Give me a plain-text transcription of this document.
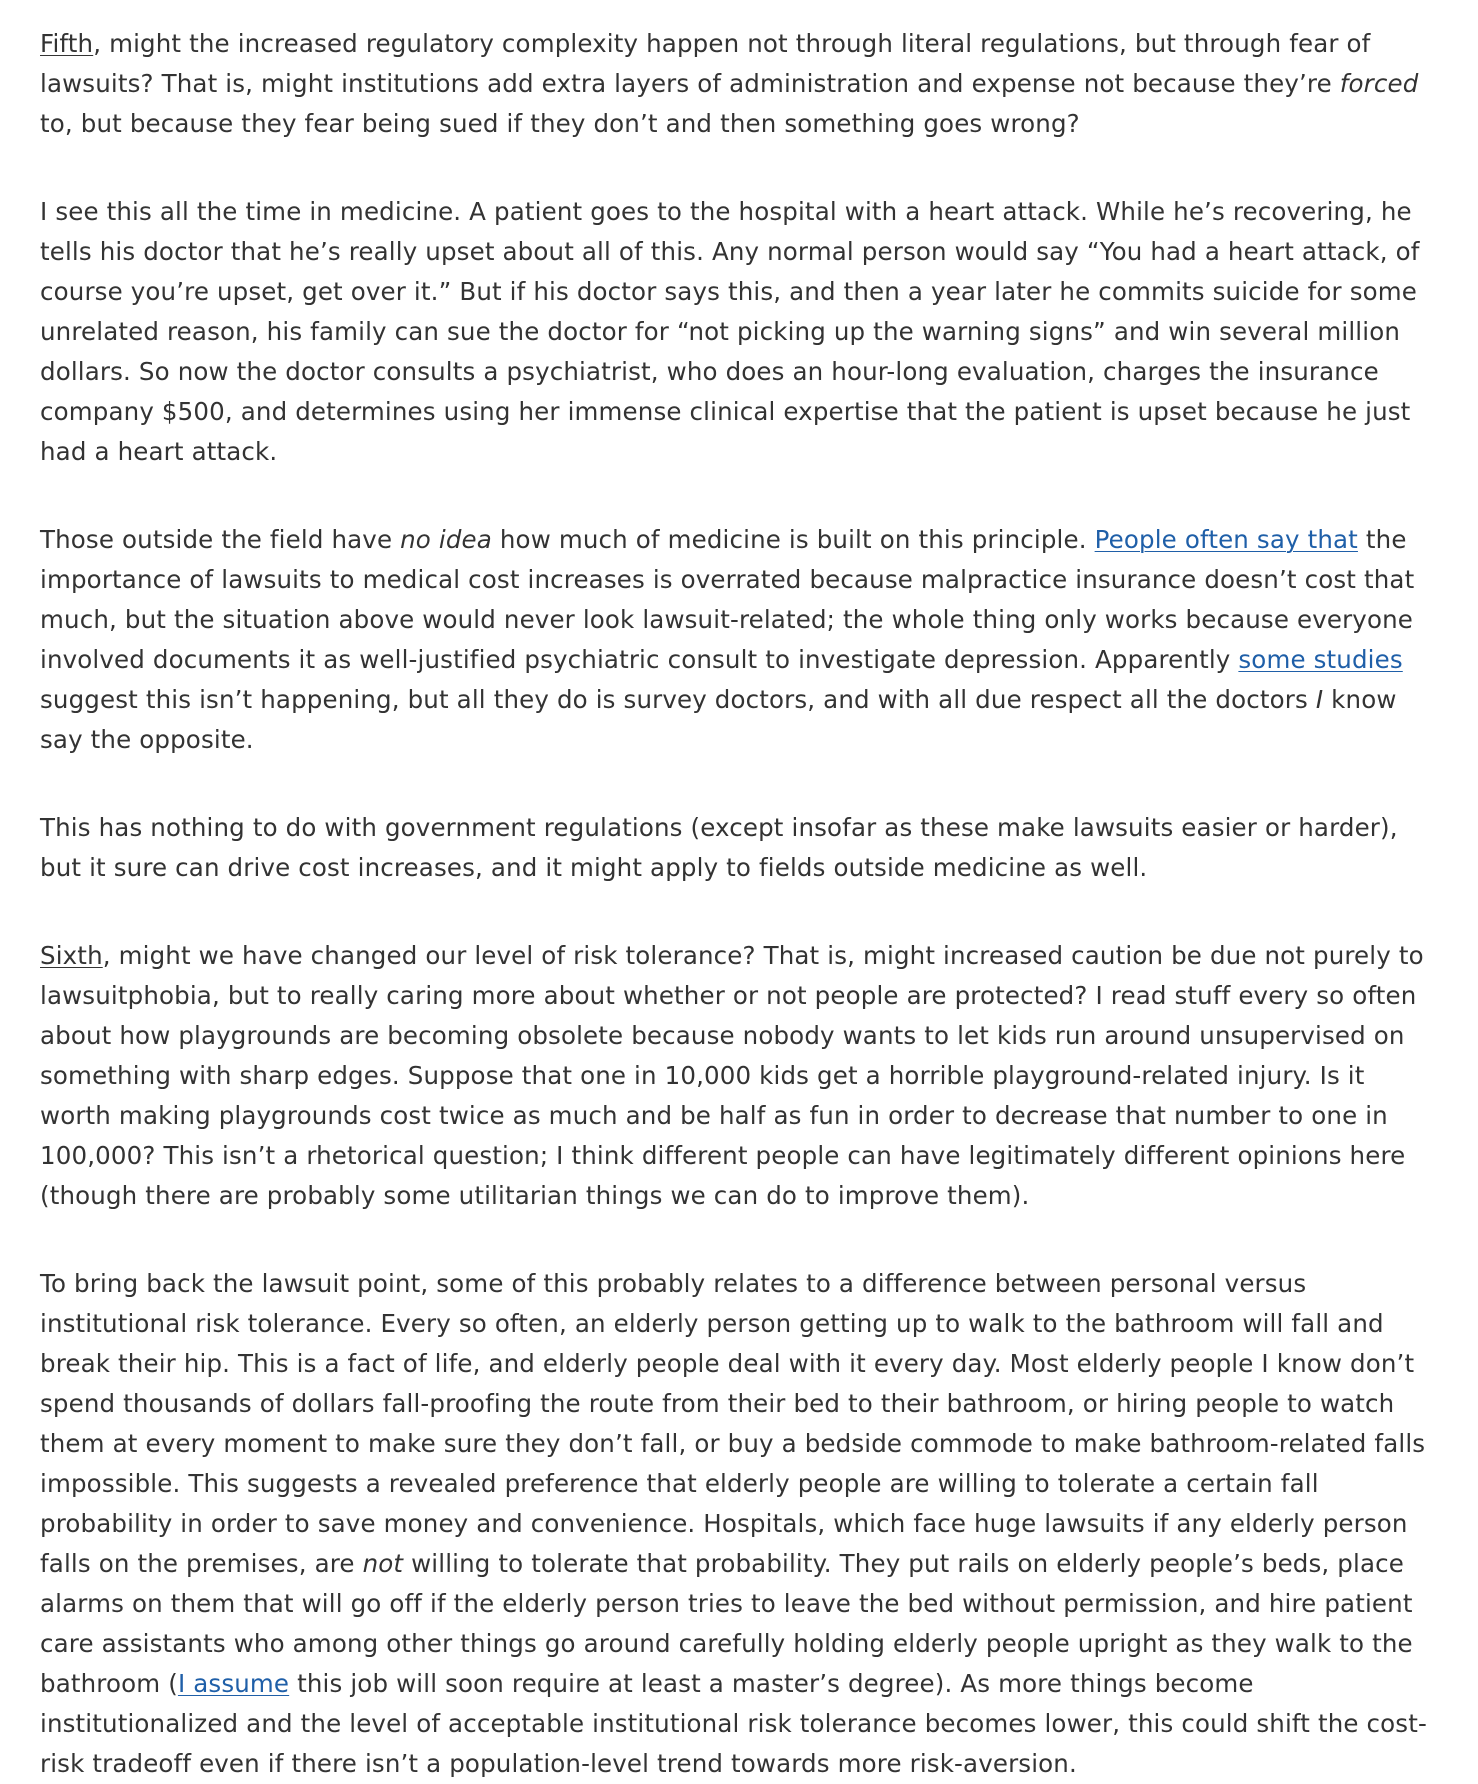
Fifth, might the increased regulatory complexity happen not through literal regulations, but through fear of lawsuits? That is, might institutions add extra layers of administration and expense not because they’re forced to, but because they fear being sued if they don’t and then something goes wrong?

I see this all the time in medicine. A patient goes to the hospital with a heart attack. While he’s recovering, he tells his doctor that he’s really upset about all of this. Any normal person would say “You had a heart attack, of course you’re upset, get over it.” But if his doctor says this, and then a year later he commits suicide for some unrelated reason, his family can sue the doctor for “not picking up the warning signs” and win several million dollars. So now the doctor consults a psychiatrist, who does an hour-long evaluation, charges the insurance company $500, and determines using her immense clinical expertise that the patient is upset because he just had a heart attack.

Those outside the field have no idea how much of medicine is built on this principle. People often say that the importance of lawsuits to medical cost increases is overrated because malpractice insurance doesn’t cost that much, but the situation above would never look lawsuit-related; the whole thing only works because everyone involved documents it as well-justified psychiatric consult to investigate depression. Apparently some studies suggest this isn’t happening, but all they do is survey doctors, and with all due respect all the doctors I know say the opposite.

This has nothing to do with government regulations (except insofar as these make lawsuits easier or harder), but it sure can drive cost increases, and it might apply to fields outside medicine as well.

Sixth, might we have changed our level of risk tolerance? That is, might increased caution be due not purely to lawsuitphobia, but to really caring more about whether or not people are protected? I read stuff every so often about how playgrounds are becoming obsolete because nobody wants to let kids run around unsupervised on something with sharp edges. Suppose that one in 10,000 kids get a horrible playground-related injury. Is it worth making playgrounds cost twice as much and be half as fun in order to decrease that number to one in 100,000? This isn’t a rhetorical question; I think different people can have legitimately different opinions here (though there are probably some utilitarian things we can do to improve them).

To bring back the lawsuit point, some of this probably relates to a difference between personal versus institutional risk tolerance. Every so often, an elderly person getting up to walk to the bathroom will fall and break their hip. This is a fact of life, and elderly people deal with it every day. Most elderly people I know don’t spend thousands of dollars fall-proofing the route from their bed to their bathroom, or hiring people to watch them at every moment to make sure they don’t fall, or buy a bedside commode to make bathroom-related falls impossible. This suggests a revealed preference that elderly people are willing to tolerate a certain fall probability in order to save money and convenience. Hospitals, which face huge lawsuits if any elderly person falls on the premises, are not willing to tolerate that probability. They put rails on elderly people’s beds, place alarms on them that will go off if the elderly person tries to leave the bed without permission, and hire patient care assistants who among other things go around carefully holding elderly people upright as they walk to the bathroom (I assume this job will soon require at least a master’s degree). As more things become institutionalized and the level of acceptable institutional risk tolerance becomes lower, this could shift the cost-risk tradeoff even if there isn’t a population-level trend towards more risk-aversion.
